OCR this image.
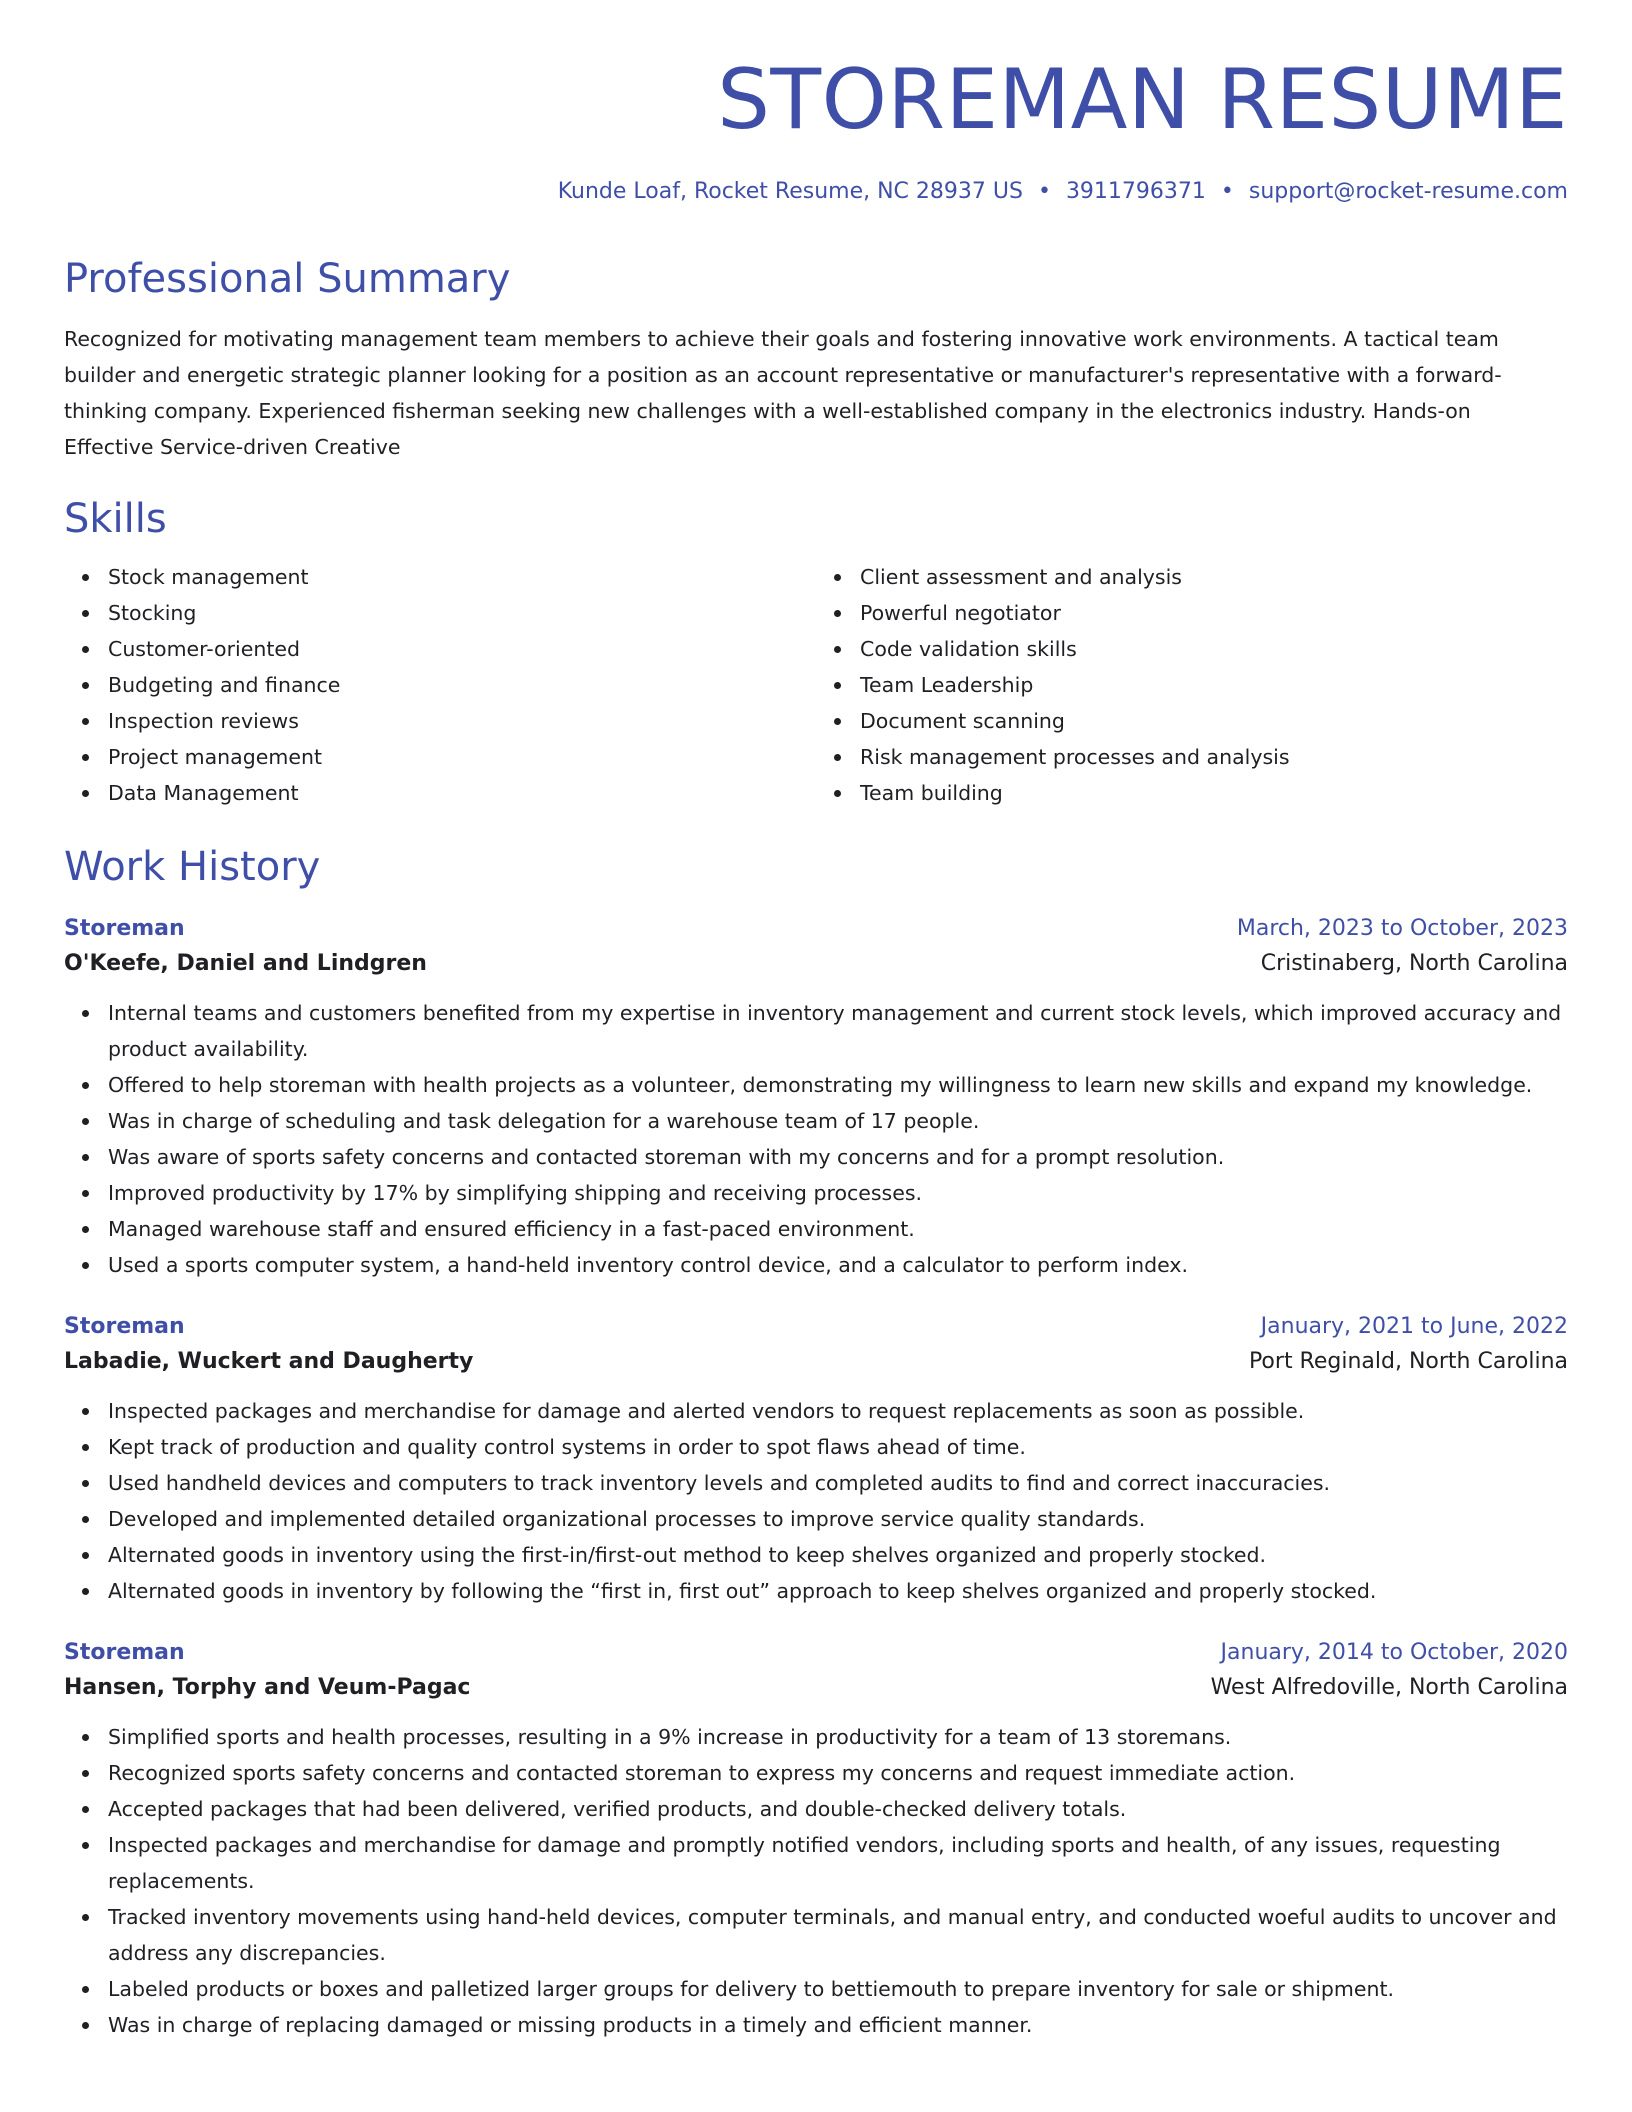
STOREMAN RESUME
Kunde Loaf, Rocket Resume, NC 28937 US • 3911796371 • support@rocket-resume.com
Professional Summary
Recognized for motivating management team members to achieve their goals and fostering innovative work environments. A tactical team builder and energetic strategic planner looking for a position as an account representative or manufacturer's representative with a forward-thinking company. Experienced fisherman seeking new challenges with a well-established company in the electronics industry. Hands-on Effective Service-driven Creative
Skills
Stock management
Stocking
Customer-oriented
Budgeting and finance
Inspection reviews
Project management
Data Management
Client assessment and analysis
Powerful negotiator
Code validation skills
Team Leadership
Document scanning
Risk management processes and analysis
Team building
Work History
Storeman	March, 2023 to October, 2023
O'Keefe, Daniel and Lindgren	Cristinaberg, North Carolina
Internal teams and customers benefited from my expertise in inventory management and current stock levels, which improved accuracy and product availability.
Offered to help storeman with health projects as a volunteer, demonstrating my willingness to learn new skills and expand my knowledge.
Was in charge of scheduling and task delegation for a warehouse team of 17 people.
Was aware of sports safety concerns and contacted storeman with my concerns and for a prompt resolution.
Improved productivity by 17% by simplifying shipping and receiving processes.
Managed warehouse staff and ensured efficiency in a fast-paced environment.
Used a sports computer system, a hand-held inventory control device, and a calculator to perform index.
Storeman	January, 2021 to June, 2022
Labadie, Wuckert and Daugherty	Port Reginald, North Carolina
Inspected packages and merchandise for damage and alerted vendors to request replacements as soon as possible.
Kept track of production and quality control systems in order to spot flaws ahead of time.
Used handheld devices and computers to track inventory levels and completed audits to find and correct inaccuracies.
Developed and implemented detailed organizational processes to improve service quality standards.
Alternated goods in inventory using the first-in/first-out method to keep shelves organized and properly stocked.
Alternated goods in inventory by following the “first in, first out” approach to keep shelves organized and properly stocked.
Storeman	January, 2014 to October, 2020
Hansen, Torphy and Veum-Pagac	West Alfredoville, North Carolina
Simplified sports and health processes, resulting in a 9% increase in productivity for a team of 13 storemans.
Recognized sports safety concerns and contacted storeman to express my concerns and request immediate action.
Accepted packages that had been delivered, verified products, and double-checked delivery totals.
Inspected packages and merchandise for damage and promptly notified vendors, including sports and health, of any issues, requesting replacements.
Tracked inventory movements using hand-held devices, computer terminals, and manual entry, and conducted woeful audits to uncover and address any discrepancies.
Labeled products or boxes and palletized larger groups for delivery to bettiemouth to prepare inventory for sale or shipment.
Was in charge of replacing damaged or missing products in a timely and efficient manner.
